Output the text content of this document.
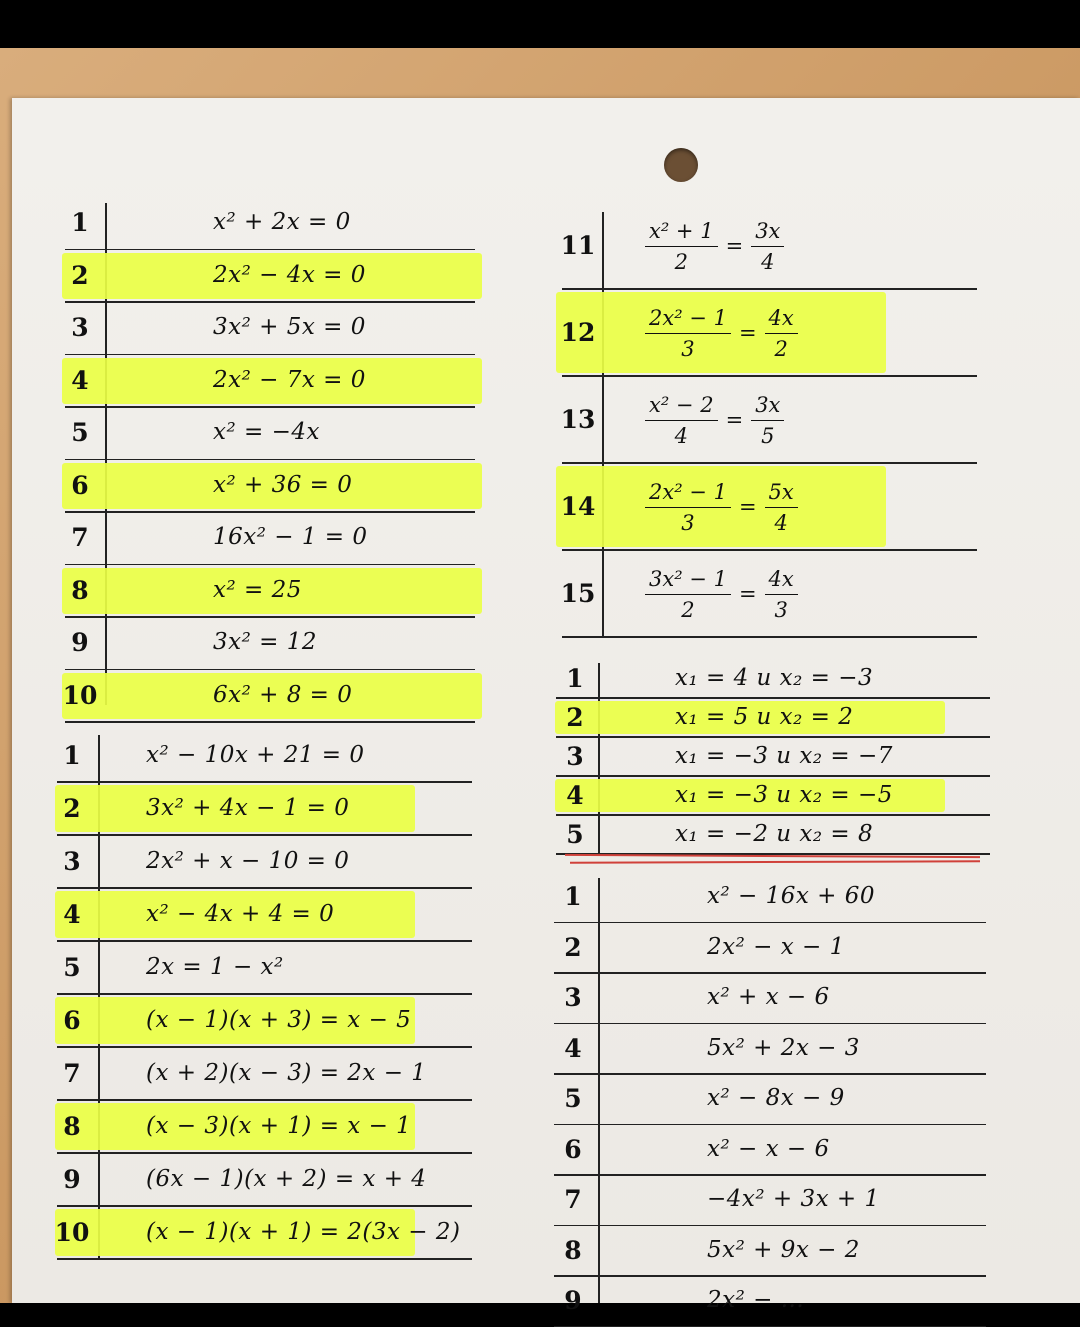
1	x² + 2x = 0
2	2x² − 4x = 0
3	3x² + 5x = 0
4	2x² − 7x = 0
5	x² = −4x
6	x² + 36 = 0
7	16x² − 1 = 0
8	x² = 25
9	3x² = 12
10	6x² + 8 = 0
1	x² − 10x + 21 = 0
2	3x² + 4x − 1 = 0
3	2x² + x − 10 = 0
4	x² − 4x + 4 = 0
5	2x = 1 − x²
6	(x − 1)(x + 3) = x − 5
7	(x + 2)(x − 3) = 2x − 1
8	(x − 3)(x + 1) = x − 1
9	(6x − 1)(x + 2) = x + 4
10 (x − 1)(x + 1) = 2(3x − 2)
$11 \frac{\text{x² + 1}}{2} = \frac{3x}{4}$
$12 \frac{\text{2x² − 1}}{3} = \frac{4x}{2}$
$13 \frac{\text{x² − 2}}{4} = \frac{3x}{5}$
$14 \frac{\text{2x² − 1}}{3} = \frac{5x}{4}$
$15 \frac{\text{3x² − 1}}{2} = \frac{4x}{3}$
1	x₁ = 4 и x₂ = −3
2	x₁ = 5 и x₂ = 2
3	x₁ = −3 и x₂ = −7
4	x₁ = −3 и x₂ = −5
5	x₁ = −2 и x₂ = 8
1	x² − 16x + 60
2	2x² − x − 1
3	x² + x − 6
4	5x² + 2x − 3
5	x² − 8x − 9
6	x² − x − 6
7	−4x² + 3x + 1
8	5x² + 9x − 2
9	2x² − ...
